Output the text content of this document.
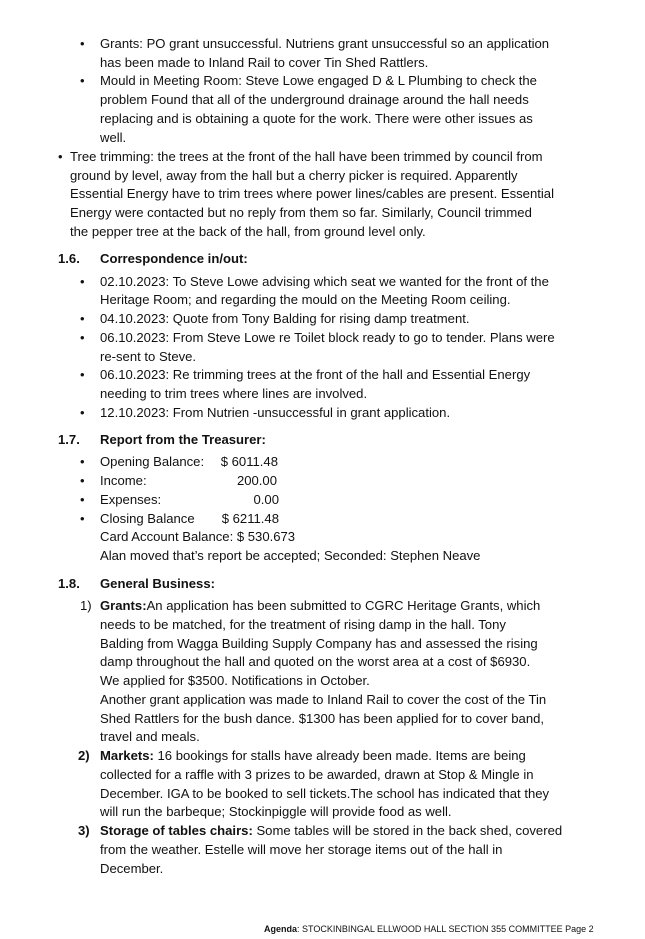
• Grants: PO grant unsuccessful. Nutriens grant unsuccessful so an application
has been made to Inland Rail to cover Tin Shed Rattlers.
• Mould in Meeting Room: Steve Lowe engaged D & L Plumbing to check the
problem Found that all of the underground drainage around the hall needs
replacing and is obtaining a quote for the work. There were other issues as
well.
• Tree trimming: the trees at the front of the hall have been trimmed by council from
ground by level, away from the hall but a cherry picker is required. Apparently
Essential Energy have to trim trees where power lines/cables are present. Essential
Energy were contacted but no reply from them so far. Similarly, Council trimmed
the pepper tree at the back of the hall, from ground level only.
1.6. Correspondence in/out:
• 02.10.2023: To Steve Lowe advising which seat we wanted for the front of the
Heritage Room; and regarding the mould on the Meeting Room ceiling.
• 04.10.2023: Quote from Tony Balding for rising damp treatment.
• 06.10.2023: From Steve Lowe re Toilet block ready to go to tender. Plans were
re-sent to Steve.
• 06.10.2023: Re trimming trees at the front of the hall and Essential Energy
needing to trim trees where lines are involved.
• 12.10.2023: From Nutrien -unsuccessful in grant application.
1.7. Report from the Treasurer:
• Opening Balance:	$ 6011.48
• Income:	200.00
• Expenses:	0.00
• Closing Balance	$ 6211.48
Card Account Balance: $ 530.673
Alan moved that’s report be accepted; Seconded: Stephen Neave
1.8. General Business:
1) Grants:An application has been submitted to CGRC Heritage Grants, which
needs to be matched, for the treatment of rising damp in the hall. Tony
Balding from Wagga Building Supply Company has and assessed the rising
damp throughout the hall and quoted on the worst area at a cost of $6930.
We applied for $3500. Notifications in October.
Another grant application was made to Inland Rail to cover the cost of the Tin
Shed Rattlers for the bush dance. $1300 has been applied for to cover band,
travel and meals.
2) Markets: 16 bookings for stalls have already been made. Items are being
collected for a raffle with 3 prizes to be awarded, drawn at Stop & Mingle in
December. IGA to be booked to sell tickets.The school has indicated that they
will run the barbeque; Stockinpiggle will provide food as well.
3) Storage of tables chairs: Some tables will be stored in the back shed, covered
from the weather. Estelle will move her storage items out of the hall in
December.
Agenda: STOCKINBINGAL ELLWOOD HALL SECTION 355 COMMITTEE Page 2
